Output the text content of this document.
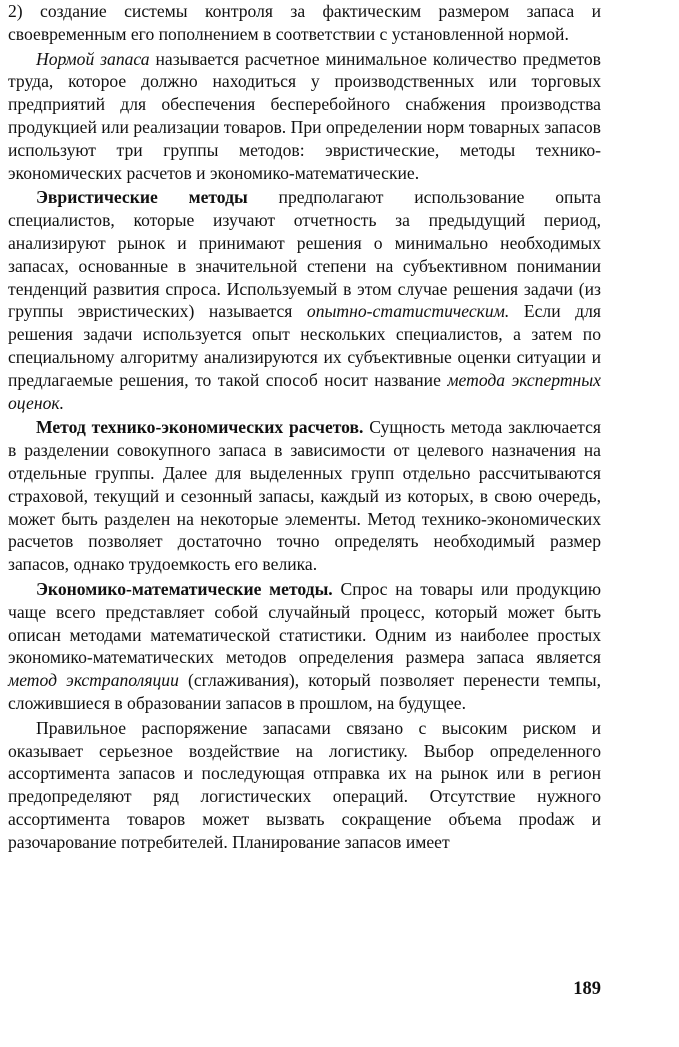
2) создание системы контроля за фактическим размером запаса и своевременным его пополнением в соответствии с установленной нормой.

Нормой запаса называется расчетное минимальное количество предметов труда, которое должно находиться у производственных или торговых предприятий для обеспечения бесперебойного снабжения производства продукцией или реализации товаров. При определении норм товарных запасов используют три группы методов: эвристические, методы технико-экономических расчетов и экономико-математические.

Эвристические методы предполагают использование опыта специалистов, которые изучают отчетность за предыдущий период, анализируют рынок и принимают решения о минимально необходимых запасах, основанные в значительной степени на субъективном понимании тенденций развития спроса. Используемый в этом случае решения задачи (из группы эвристических) называется опытно-статистическим. Если для решения задачи используется опыт нескольких специалистов, а затем по специальному алгоритму анализируются их субъективные оценки ситуации и предлагаемые решения, то такой способ носит название метода экспертных оценок.

Метод технико-экономических расчетов. Сущность метода заключается в разделении совокупного запаса в зависимости от целевого назначения на отдельные группы. Далее для выделенных групп отдельно рассчитываются страховой, текущий и сезонный запасы, каждый из которых, в свою очередь, может быть разделен на некоторые элементы. Метод технико-экономических расчетов позволяет достаточно точно определять необходимый размер запасов, однако трудоемкость его велика.

Экономико-математические методы. Спрос на товары или продукцию чаще всего представляет собой случайный процесс, который может быть описан методами математической статистики. Одним из наиболее простых экономико-математических методов определения размера запаса является метод экстраполяции (сглаживания), который позволяет перенести темпы, сложившиеся в образовании запасов в прошлом, на будущее.

Правильное распоряжение запасами связано с высоким риском и оказывает серьезное воздействие на логистику. Выбор определенного ассортимента запасов и последующая отправка их на рынок или в регион предопределяют ряд логистических операций. Отсутствие нужного ассортимента товаров может вызвать сокращение объема проdаж и разочарование потребителей. Планирование запасов имеет

189
